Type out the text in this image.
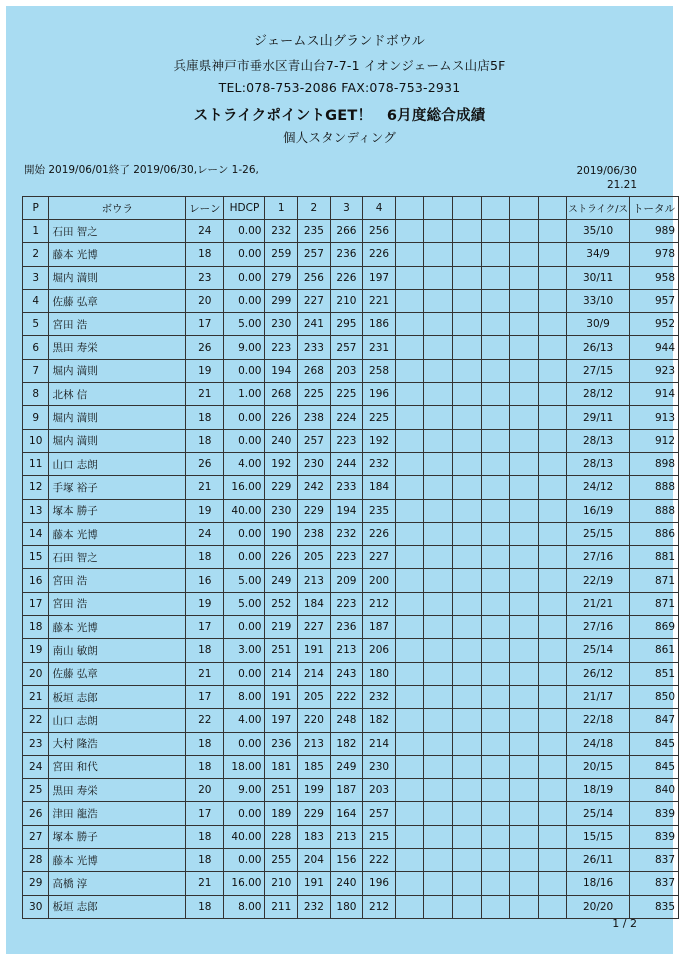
ジェームス山グランドボウル
兵庫県神戸市垂水区青山台7-7-1 イオンジェームス山店5F
TEL:078-753-2086 FAX:078-753-2931
ストライクポイントGET！　6月度総合成績
個人スタンディング
開始 2019/06/01終了 2019/06/30,レーン 1-26,	2019/06/30
21.21
P	ボウラ	レーン	HDCP	1	2	3	4							ストライク/ス	トータル
1	石田 智之	24	0.00	232	235	266	256							35/10	989
2	藤本 光博	18	0.00	259	257	236	226							34/9	978
3	堀内 満則	23	0.00	279	256	226	197							30/11	958
4	佐藤 弘章	20	0.00	299	227	210	221							33/10	957
5	宮田 浩	17	5.00	230	241	295	186							30/9	952
6	黒田 寿栄	26	9.00	223	233	257	231							26/13	944
7	堀内 満則	19	0.00	194	268	203	258							27/15	923
8	北林 信	21	1.00	268	225	225	196							28/12	914
9	堀内 満則	18	0.00	226	238	224	225							29/11	913
10	堀内 満則	18	0.00	240	257	223	192							28/13	912
11	山口 志朗	26	4.00	192	230	244	232							28/13	898
12	手塚 裕子	21	16.00	229	242	233	184							24/12	888
13	塚本 勝子	19	40.00	230	229	194	235							16/19	888
14	藤本 光博	24	0.00	190	238	232	226							25/15	886
15	石田 智之	18	0.00	226	205	223	227							27/16	881
16	宮田 浩	16	5.00	249	213	209	200							22/19	871
17	宮田 浩	19	5.00	252	184	223	212							21/21	871
18	藤本 光博	17	0.00	219	227	236	187							27/16	869
19	南山 敏朗	18	3.00	251	191	213	206							25/14	861
20	佐藤 弘章	21	0.00	214	214	243	180							26/12	851
21	板垣 志郎	17	8.00	191	205	222	232							21/17	850
22	山口 志朗	22	4.00	197	220	248	182							22/18	847
23	大村 隆浩	18	0.00	236	213	182	214							24/18	845
24	宮田 和代	18	18.00	181	185	249	230							20/15	845
25	黒田 寿栄	20	9.00	251	199	187	203							18/19	840
26	津田 龍浩	17	0.00	189	229	164	257							25/14	839
27	塚本 勝子	18	40.00	228	183	213	215							15/15	839
28	藤本 光博	18	0.00	255	204	156	222							26/11	837
29	高橋 淳	21	16.00	210	191	240	196							18/16	837
30	板垣 志郎	18	8.00	211	232	180	212							20/20	835
1 / 2
